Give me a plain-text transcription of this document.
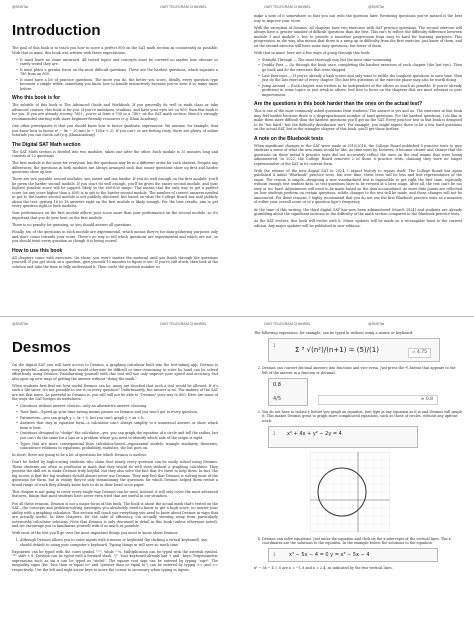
@SNSTar	OUR TELEGRAM CHANNEL	OUR TELEGRAM CHANNEL	@SNSTar
Introduction

The goal of this book is to teach you how to score a perfect 800 on the SAT math section as consistently as possible. With that in mind, this book was written with these expectations:

• It must leave no stone unturned. All tested topics and concepts must be covered no matter how obscure or rarely tested they are.
• It must place a greater focus on the most difficult questions. These are the hardest questions, which separate a 780 from an 800.
• It must have a lot of practice questions. The more you do, the better you score. Ideally, every question type becomes a simple reflex, something you know how to handle instinctively because you've seen it so many times before.
Who this book is for

The subtitle of this book is The Advanced Guide and Workbook. If you generally do well in math class or take advanced courses, this book is for you. If you're ambitious, studious, and have your eyes set on 800, then this book is for you. If you are already scoring 700+, you're at least a 700 or a 740+ on the SAT math section, then it's strongly recommended starting with more beginner-friendly resources (e.g. Khan Academy).

One other prerequisite is that you should know how to factor quadratic expressions. We assume, for example, that you know how to factor x² − 8x − 20 into (x − 10)(x + 2). If you can't or are feeling rusty, there are plenty of online tutorials you can check out (e.g. Khanacademy).

The Digital SAT Math section

The SAT Math section is divided into two modules, taken one after the other. Each module is 35 minutes long and consists of 22 questions.

The first module is the same for everyone, but the questions may be in a different order for each student. Despite any differences, the questions in both modules are always arranged such that easier questions show up first and harder questions show up last.

There are two possible second modules, one easier and one harder. If you do well enough on the first module, you'll be given the harder second module. If you don't do well enough, you'll be given the easier second module, and your highest possible score will be capped, likely in the 600-650 range. This means that the only way to get a perfect score (or any score higher than a 650) is to get to the harder second module. The number of correct answers needed to get to the harder second module is not publicly disclosed, but based on what the College Board has said publicly about the test, getting 16 to 18 answers right on the first module is likely enough. For the best results, aim to get every question right in both modules.

Your performance on the first module affects your score more than your performance on the second module, so it's important that you do your best on the first module.

There is no penalty for guessing, so you should answer all questions.

Finally, ten of the questions in each module are experimental, which means they're for data-gathering purposes only and don't count towards your score. There's no way to tell which questions are experimental and which are not, so you should treat every question as though it is being scored.

How to use this book

All chapters come with exercises. On those, you won't master the material until you finish through the questions yourself. If you get stuck on a question, give yourself 15 minutes to figure it out. If you're still stuck, then look at the solution and take the time to fully understand it. Then circle the question number so

make a note of it somewhere so that you can redo the question later. Revisiting questions you've missed is the best way to improve your score.

With the exception of Desmos, all chapters have two exercises with SAT practice questions. The second exercise will always have a greater number of difficult questions than the first. This isn't to reflect the difficulty difference between module 1 and module 2, but to provide a smoother progression from easy to hard for learning purposes. This progression, in the way, also means that there is a ramp up in difficulty from the first exercise, just know of them, and on the second exercise will have some easy questions, but fewer of them.

With that in mind, here are a few ways of going through this book:

• Straight Through — The most thorough way but the most time-consuming.
• Double Pass — Go through the book once, completing the hardest exercises of each chapter (the last two). Then go back and do the exercises that were skipped.
• Last Exercises — If you're already a high scorer and only want to tackle the toughest questions to save time, then just do the last exercise of every chapter. The last few questions of the exercise phase may also be worth doing.
• Jump Around — Each chapter was written to be independent of the others as much as possible. If you're already proficient in some topics or just weak in others, feel free to focus on the chapters that are most relevant to your improvement.
Are the questions in this book harder than the ones on the actual test?

This is one of the most commonly asked questions from students. The answer is yes and no. The exercises in this book may feel harder because there is a disproportionate number of hard questions. For the hardest questions, I do like to make them more difficult than the hardest questions you'll get on the SAT. Every practice test in this book is designed to be "too hard," but the difficulty distribution isn't. For example, you might expect there to be a few hard questions on the actual SAT, but in the triangles chapter of this book, you'll get those further.

A note on the Bluebook tests

When significant changes to the SAT were made in 2015/2016, the College Board published 8 practice tests to give students a sense of what the new exam would be like. As time went by, however, it became clearer and clearer that the questions on those initial 8 practice tests did not accurately reflect the ones on the real exams that were being administered. In 2022, the College Board removed 2 of those 8 practice tests, claiming they were no longer representative of the SAT in its current form.

With the release of the new digital SAT in 2024, I expect history to repeat itself. The College Board has again published 4 initial "Bluebook" practice tests, but over time, these tests will be less and less representative of the exam. The reason is simple—designing a new standardized test is impossible to get right the first time, especially without enough test student data, so test questions have to be revised at a later stage. After all, the test can't be too easy or too hard. Adjustments will need to be made based on the data accumulated. As more data points are collected on how students perform on certain questions, subtle changes to the test will be made, and those changes will not be announced. For these reasons, I highly recommend that you do not use the first Bluebook practice tests as a measure of either your overall score or of a question type's frequency.

At the time of this writing, the third digital SAT has now been administered (March 2024) and students are already grumbling about the significant increase in the difficulty of the math section compared to the Bluebook practice tests.

As the SAT evolves, this book will evolve with it. Minor updates will be made on a rectangular basis to the current edition. Any major updates will be published in new editions.

@SNSTar	OUR TELEGRAM CHANNEL	OUR TELEGRAM CHANNEL	@SNSTar
Desmos

On the digital SAT, you will have access to Desmos, a graphing calculator built into the test-taking app. Desmos is very powerful—many questions that would otherwise be difficult or time-consuming to solve by hand can be solved effortlessly using Desmos. Familiarizing yourself with this tool will not only improve your speed and accuracy, but also open up new ways of getting the answer without "doing the math."

When students first find out how useful Desmos can be, many are shocked that such a tool would be allowed. If it's such a life-saver, it's not possible to use it on every question? Unfortunately, the answer is no. The makers of the SAT are not that naive. As powerful as Desmos is, you will still not be able to "Desmos" your way to 800. Here are some of the ways the SAT hedges its usefulness:

• Questions without answer choices—only an alternative answer choosing.
• Time limit—Speed up your time-saving means pauses on Desmos and you won't get to every question.
• Parameters—you can graph y = 3x + 5, but you can't graph y = ax + b.
• Answers that stay in equation form—a calculator can't always simplify to a numerical answer or show which form is best.
• Questions designed to "dodge" the calculator—yes, you can graph the equation of a circle and tell the radius, but you can't do the same for a line or a problem where you need to identify which side of the origin is right.
• Typos that are more consequential than calculator-based—exponential models, triangle similarity, theorems, coincidence relations to equations, probability, statistics, the list goes on.

In short, there are going to be a lot of questions for which Desmos is useless.

Don't be fooled by high-scoring students who claim that nearly every question can be easily solved using Desmos. These students are often so proficient in math that they would do well even without a graphing calculator. They possess the skill set to make Desmos truly helpful, but they also solve the fact that it's there to help them. In fact, the big secret is that the top students should almost never use Desmos. They may feel that Desmos is solving most of the questions for them, but in reality they're only streamlining the questions for which Desmos helped them revisit a broad range of work they already know how to do in their head or on paper.

This chapter is not going to cover every single way Desmos can be used. Instead, it will only cover the most advanced features, things that most students have never even tried that are useful in our situation.

Put all these reasons, Desmos is not a major focus of this book. The book is about the actual math that's tested on the SAT—the concepts and problem-solving strategies you absolutely need to know to get a high score, no matter your ability with a graphing calculator. This section will teach you everything you need to know about Desmos in ways that are actually useful. In later chapters, for the sake of efficiency, I'm actually steering away from particularly noteworthy calculator solutions. Note that Desmos is only discussed in detail in this book (unless otherwise noted), and we encourage you to familiarize yourself with it as much as possible.

With most of the test you'll go over the most important things you need to know about Desmos.

1. Although Desmos allows you to enter inputs with a mouse or keyboard (by clicking a virtual keyboard), you should default to using your computer's keyboard. Typing things in will save so much time.

Exponents can be typed with the caret symbol "^", while "·"s. Multiplication can be typed with the asterisk symbol, "*" shift + 8. Division can be typed with a forward slash, "/". Your keyboard already has + and - keys. Trigonometric expressions such as sin x can be typed as "sin(x)". The square root sign can be entered by typing "sqrt". The inequality signs (for "less than or equal to" and "greater than or equal to") can be entered by typing <= and >= respectively. Use the left and right arrow keys to move the cursor to necessary when typing in inputs.

The following expression, for example, can be typed in without using a mouse or keyboard:

1
Σ ³ √(n²)/(n+1) = (5)/(1)	= 4.75
2. Desmos can convert decimal answers into fractions and vice versa. Just press the ⁴⁄₅ button that appears to the left of the answer in a fraction or decimal:
0.8
4/5	≈ 0.8
3. You do not have to isolate y before you graph an equation. Just type in any equation as it is and Desmos will graph it. This makes Desmos great to graph more complicated equations, such as those of circles, without any upfront work:
2 x² + 4x + y² − 2y = 4
4. Desmos can solve equations. Just enter the equation and click on the x-intercepts of the vertical lines. The x-coordinates are the solutions to the equation. In the example below, the solutions to the equation
3	x³ − 5x − 4 = 0 y = x³ − 5x − 4

x³ − 5x − 4 = 0 are x ≈ −1.8 and x ≈ 2.4, as indicated by the two vertical lines.
